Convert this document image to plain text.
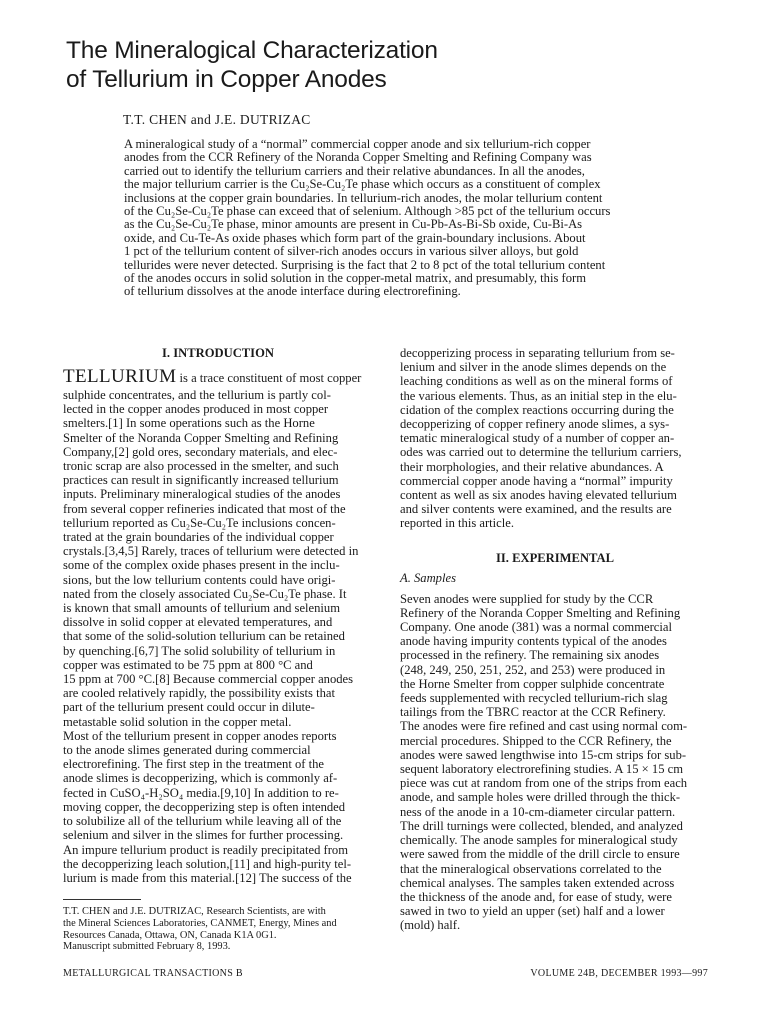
The Mineralogical Characterization
of Tellurium in Copper Anodes
T.T. CHEN and J.E. DUTRIZAC
A mineralogical study of a “normal” commercial copper anode and six tellurium-rich copper
anodes from the CCR Refinery of the Noranda Copper Smelting and Refining Company was
carried out to identify the tellurium carriers and their relative abundances. In all the anodes,
the major tellurium carrier is the Cu₂Se-Cu₂Te phase which occurs as a constituent of complex
inclusions at the copper grain boundaries. In tellurium-rich anodes, the molar tellurium content
of the Cu₂Se-Cu₂Te phase can exceed that of selenium. Although >85 pct of the tellurium occurs
as the Cu₂Se-Cu₂Te phase, minor amounts are present in Cu-Pb-As-Bi-Sb oxide, Cu-Bi-As
oxide, and Cu-Te-As oxide phases which form part of the grain-boundary inclusions. About
1 pct of the tellurium content of silver-rich anodes occurs in various silver alloys, but gold
tellurides were never detected. Surprising is the fact that 2 to 8 pct of the total tellurium content
of the anodes occurs in solid solution in the copper-metal matrix, and presumably, this form
of tellurium dissolves at the anode interface during electrorefining.
I. INTRODUCTION
TELLURIUM is a trace constituent of most copper
sulphide concentrates, and the tellurium is partly col-
lected in the copper anodes produced in most copper
smelters.[1] In some operations such as the Horne
Smelter of the Noranda Copper Smelting and Refining
Company,[2] gold ores, secondary materials, and elec-
tronic scrap are also processed in the smelter, and such
practices can result in significantly increased tellurium
inputs. Preliminary mineralogical studies of the anodes
from several copper refineries indicated that most of the
tellurium reported as Cu₂Se-Cu₂Te inclusions concen-
trated at the grain boundaries of the individual copper
crystals.[3,4,5] Rarely, traces of tellurium were detected in
some of the complex oxide phases present in the inclu-
sions, but the low tellurium contents could have origi-
nated from the closely associated Cu₂Se-Cu₂Te phase. It
is known that small amounts of tellurium and selenium
dissolve in solid copper at elevated temperatures, and
that some of the solid-solution tellurium can be retained
by quenching.[6,7] The solid solubility of tellurium in
copper was estimated to be 75 ppm at 800 °C and
15 ppm at 700 °C.[8] Because commercial copper anodes
are cooled relatively rapidly, the possibility exists that
part of the tellurium present could occur in dilute-
metastable solid solution in the copper metal.
Most of the tellurium present in copper anodes reports
to the anode slimes generated during commercial
electrorefining. The first step in the treatment of the
anode slimes is decopperizing, which is commonly af-
fected in CuSO₄-H₂SO₄ media.[9,10] In addition to re-
moving copper, the decopperizing step is often intended
to solubilize all of the tellurium while leaving all of the
selenium and silver in the slimes for further processing.
An impure tellurium product is readily precipitated from
the decopperizing leach solution,[11] and high-purity tel-
lurium is made from this material.[12] The success of the
decopperizing process in separating tellurium from se-
lenium and silver in the anode slimes depends on the
leaching conditions as well as on the mineral forms of
the various elements. Thus, as an initial step in the elu-
cidation of the complex reactions occurring during the
decopperizing of copper refinery anode slimes, a sys-
tematic mineralogical study of a number of copper an-
odes was carried out to determine the tellurium carriers,
their morphologies, and their relative abundances. A
commercial copper anode having a “normal” impurity
content as well as six anodes having elevated tellurium
and silver contents were examined, and the results are
reported in this article.
II. EXPERIMENTAL
A. Samples
Seven anodes were supplied for study by the CCR
Refinery of the Noranda Copper Smelting and Refining
Company. One anode (381) was a normal commercial
anode having impurity contents typical of the anodes
processed in the refinery. The remaining six anodes
(248, 249, 250, 251, 252, and 253) were produced in
the Horne Smelter from copper sulphide concentrate
feeds supplemented with recycled tellurium-rich slag
tailings from the TBRC reactor at the CCR Refinery.
The anodes were fire refined and cast using normal com-
mercial procedures. Shipped to the CCR Refinery, the
anodes were sawed lengthwise into 15-cm strips for sub-
sequent laboratory electrorefining studies. A 15 × 15 cm
piece was cut at random from one of the strips from each
anode, and sample holes were drilled through the thick-
ness of the anode in a 10-cm-diameter circular pattern.
The drill turnings were collected, blended, and analyzed
chemically. The anode samples for mineralogical study
were sawed from the middle of the drill circle to ensure
that the mineralogical observations correlated to the
chemical analyses. The samples taken extended across
the thickness of the anode and, for ease of study, were
sawed in two to yield an upper (set) half and a lower
(mold) half.
T.T. CHEN and J.E. DUTRIZAC, Research Scientists, are with
the Mineral Sciences Laboratories, CANMET, Energy, Mines and
Resources Canada, Ottawa, ON, Canada K1A 0G1.
Manuscript submitted February 8, 1993.
METALLURGICAL TRANSACTIONS B	VOLUME 24B, DECEMBER 1993—997
